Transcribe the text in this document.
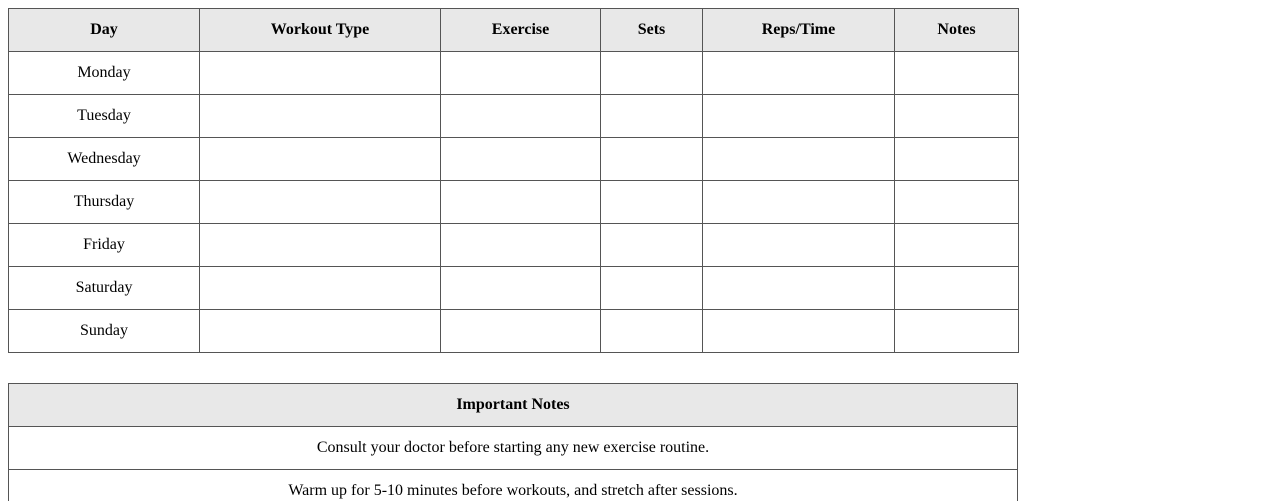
Day	Workout Type	Exercise	Sets	Reps/Time	Notes
Monday					
Tuesday					
Wednesday					
Thursday					
Friday					
Saturday					
Sunday					
Important Notes
Consult your doctor before starting any new exercise routine.
Warm up for 5-10 minutes before workouts, and stretch after sessions.
